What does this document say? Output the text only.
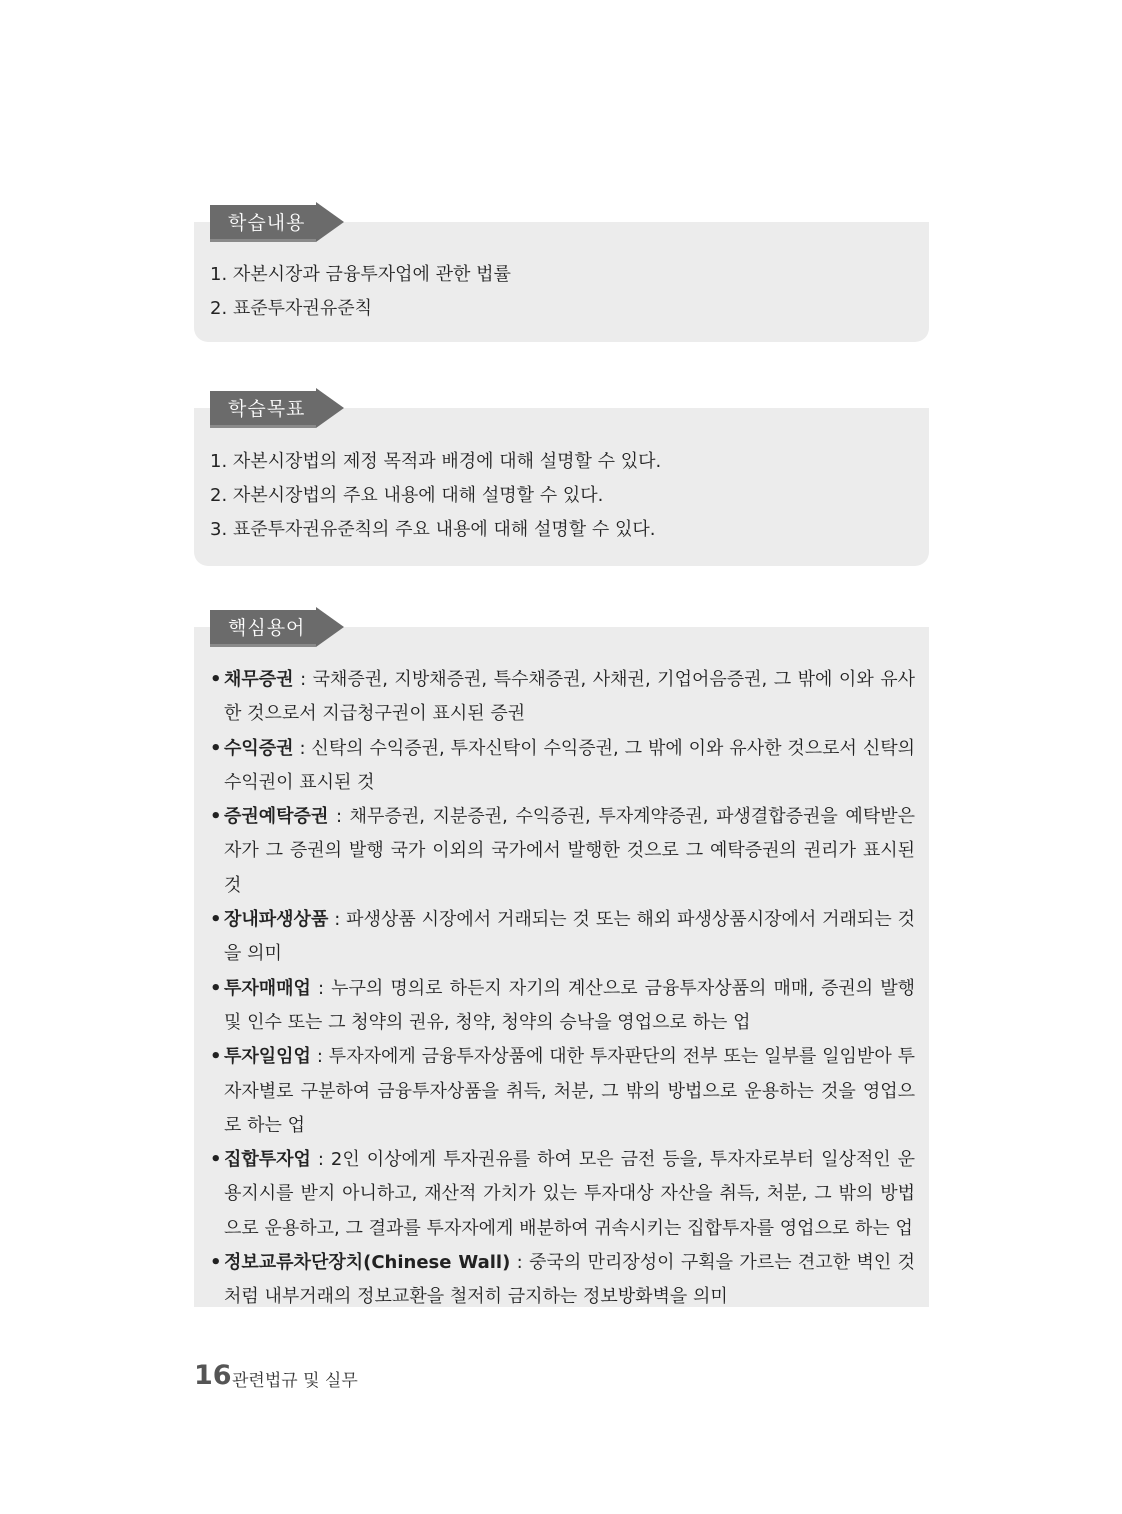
학습내용
1. 자본시장과 금융투자업에 관한 법률
2. 표준투자권유준칙
학습목표
1. 자본시장법의 제정 목적과 배경에 대해 설명할 수 있다.
2. 자본시장법의 주요 내용에 대해 설명할 수 있다.
3. 표준투자권유준칙의 주요 내용에 대해 설명할 수 있다.
핵심용어
• 채무증권 : 국채증권, 지방채증권, 특수채증권, 사채권, 기업어음증권, 그 밖에 이와 유사한 것으로서 지급청구권이 표시된 증권
• 수익증권 : 신탁의 수익증권, 투자신탁이 수익증권, 그 밖에 이와 유사한 것으로서 신탁의 수익권이 표시된 것
• 증권예탁증권 : 채무증권, 지분증권, 수익증권, 투자계약증권, 파생결합증권을 예탁받은 자가 그 증권의 발행 국가 이외의 국가에서 발행한 것으로 그 예탁증권의 권리가 표시된 것
• 장내파생상품 : 파생상품 시장에서 거래되는 것 또는 해외 파생상품시장에서 거래되는 것을 의미
• 투자매매업 : 누구의 명의로 하든지 자기의 계산으로 금융투자상품의 매매, 증권의 발행 및 인수 또는 그 청약의 권유, 청약, 청약의 승낙을 영업으로 하는 업
• 투자일임업 : 투자자에게 금융투자상품에 대한 투자판단의 전부 또는 일부를 일임받아 투자자별로 구분하여 금융투자상품을 취득, 처분, 그 밖의 방법으로 운용하는 것을 영업으로 하는 업
• 집합투자업 : 2인 이상에게 투자권유를 하여 모은 금전 등을, 투자자로부터 일상적인 운용지시를 받지 아니하고, 재산적 가치가 있는 투자대상 자산을 취득, 처분, 그 밖의 방법으로 운용하고, 그 결과를 투자자에게 배분하여 귀속시키는 집합투자를 영업으로 하는 업
• 정보교류차단장치(Chinese Wall) : 중국의 만리장성이 구획을 가르는 견고한 벽인 것처럼 내부거래의 정보교환을 철저히 금지하는 정보방화벽을 의미
16 관련법규 및 실무
